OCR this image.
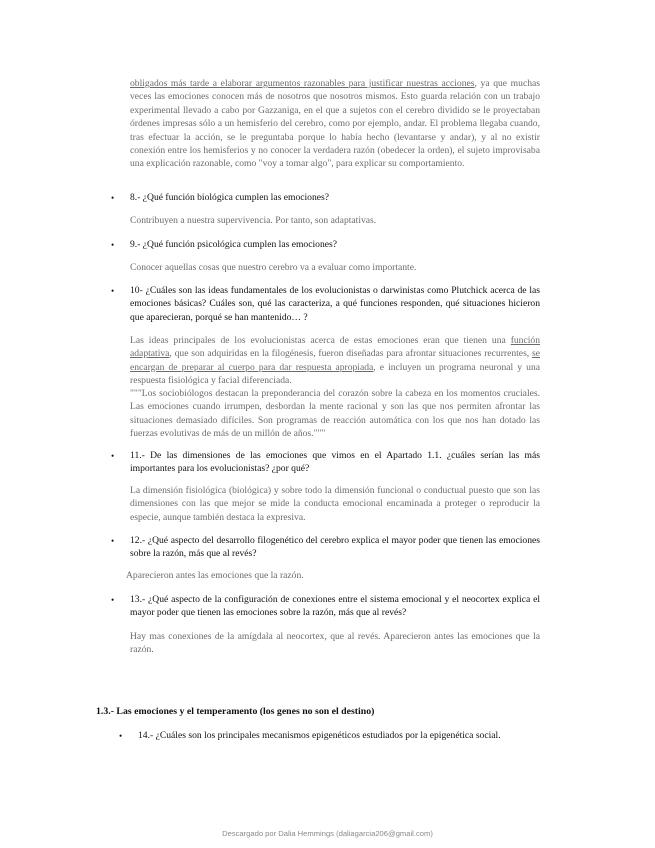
obligados más tarde a elaborar argumentos razonables para justificar nuestras acciones, ya que muchas veces las emociones conocen más de nosotros que nosotros mismos. Esto guarda relación con un trabajo experimental llevado a cabo por Gazzaniga, en el que a sujetos con el cerebro dividido se le proyectaban órdenes impresas sólo a un hemisferio del cerebro, como por ejemplo, andar. El problema llegaba cuando, tras efectuar la acción, se le preguntaba porque lo había hecho (levantarse y andar), y al no existir conexión entre los hemisferios y no conocer la verdadera razón (obedecer la orden), el sujeto improvisaba una explicación razonable, como "voy a tomar algo", para explicar su comportamiento.

• 8.- ¿Qué función biológica cumplen las emociones?

Contribuyen a nuestra supervivencia. Por tanto, son adaptativas.

• 9.- ¿Qué función psicológica cumplen las emociones?

Conocer aquellas cosas que nuestro cerebro va a evaluar como importante.

• 10- ¿Cuáles son las ideas fundamentales de los evolucionistas o darwinistas como Plutchick acerca de las emociones básicas? Cuáles son, qué las caracteriza, a qué funciones responden, qué situaciones hicieron que aparecieran, porqué se han mantenido… ?

Las ideas principales de los evolucionistas acerca de estas emociones eran que tienen una función adaptativa, que son adquiridas en la filogénesis, fueron diseñadas para afrontar situaciones recurrentes, se encargan de preparar al cuerpo para dar respuesta apropiada, e incluyen un programa neuronal y una respuesta fisiológica y facial diferenciada.

"""Los sociobiólogos destacan la preponderancia del corazón sobre la cabeza en los momentos cruciales. Las emociones cuando irrumpen, desbordan la mente racional y son las que nos permiten afrontar las situaciones demasiado difíciles. Son programas de reacción automática con los que nos han dotado las fuerzas evolutivas de más de un millón de años."""

• 11.- De las dimensiones de las emociones que vimos en el Apartado 1.1. ¿cuáles serían las más importantes para los evolucionistas? ¿por qué?

La dimensión fisiológica (biológica) y sobre todo la dimensión funcional o conductual puesto que son las dimensiones con las que mejor se mide la conducta emocional encaminada a proteger o reproducir la especie, aunque también destaca la expresiva.

• 12.- ¿Qué aspecto del desarrollo filogenético del cerebro explica el mayor poder que tienen las emociones sobre la razón, más que al revés?

Aparecieron antes las emociones que la razón.

• 13.- ¿Qué aspecto de la configuración de conexiones entre el sistema emocional y el neocortex explica el mayor poder que tienen las emociones sobre la razón, más que al revés?

Hay mas conexiones de la amígdala al neocortex, que al revés. Aparecieron antes las emociones que la razón.

1.3.- Las emociones y el temperamento (los genes no son el destino)
• 14.- ¿Cuáles son los principales mecanismos epigenéticos estudiados por la epigenética social.

Descargado por Dalia Hemmings (daliagarcia206@gmail.com)
